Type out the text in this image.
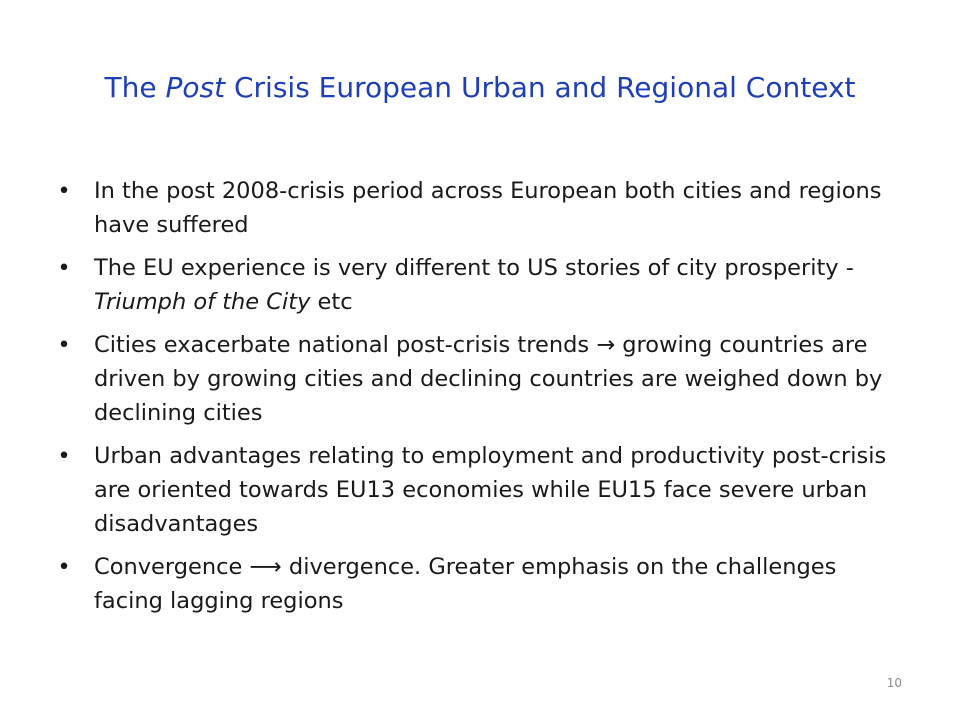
The Post Crisis European Urban and Regional Context
• In the post 2008-crisis period across European both cities and regions have suffered
• The EU experience is very different to US stories of city prosperity - Triumph of the City etc
• Cities exacerbate national post-crisis trends → growing countries are driven by growing cities and declining countries are weighed down by declining cities
• Urban advantages relating to employment and productivity post-crisis are oriented towards EU13 economies while EU15 face severe urban disadvantages
• Convergence ⟶ divergence. Greater emphasis on the challenges facing lagging regions
10
